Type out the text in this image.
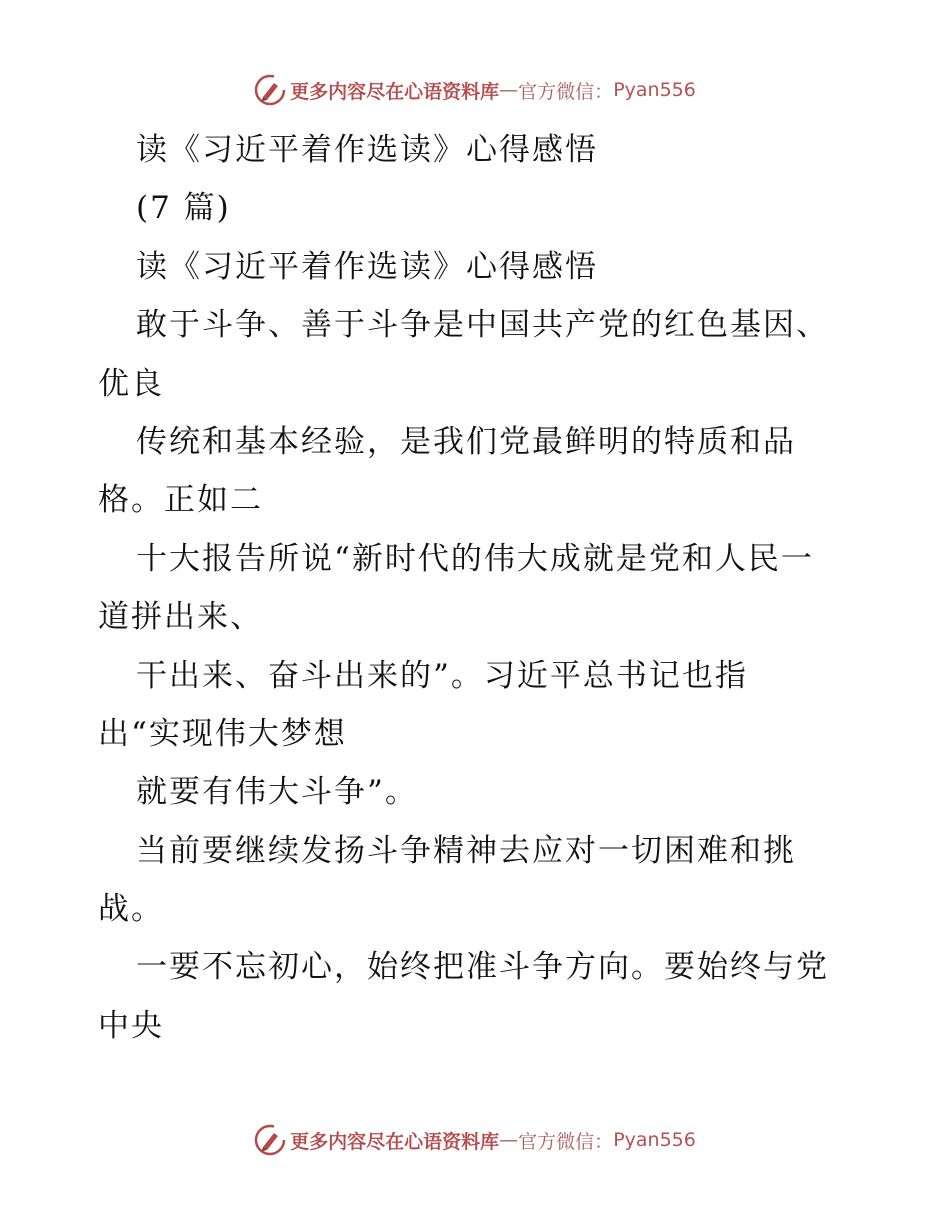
更多内容尽在心语资料库 — 官方微信： Pyan556
读《习近平着作选读》心得感悟
(7 篇)
读《习近平着作选读》心得感悟
敢于斗争、善于斗争是中国共产党的红色基因、
优良
传统和基本经验，是我们党最鲜明的特质和品
格。正如二
十大报告所说“新时代的伟大成就是党和人民一
道拼出来、
干出来、奋斗出来的”。习近平总书记也指
出“实现伟大梦想
就要有伟大斗争”。
当前要继续发扬斗争精神去应对一切困难和挑
战。
一要不忘初心，始终把准斗争方向。要始终与党
中央
更多内容尽在心语资料库 — 官方微信： Pyan556
